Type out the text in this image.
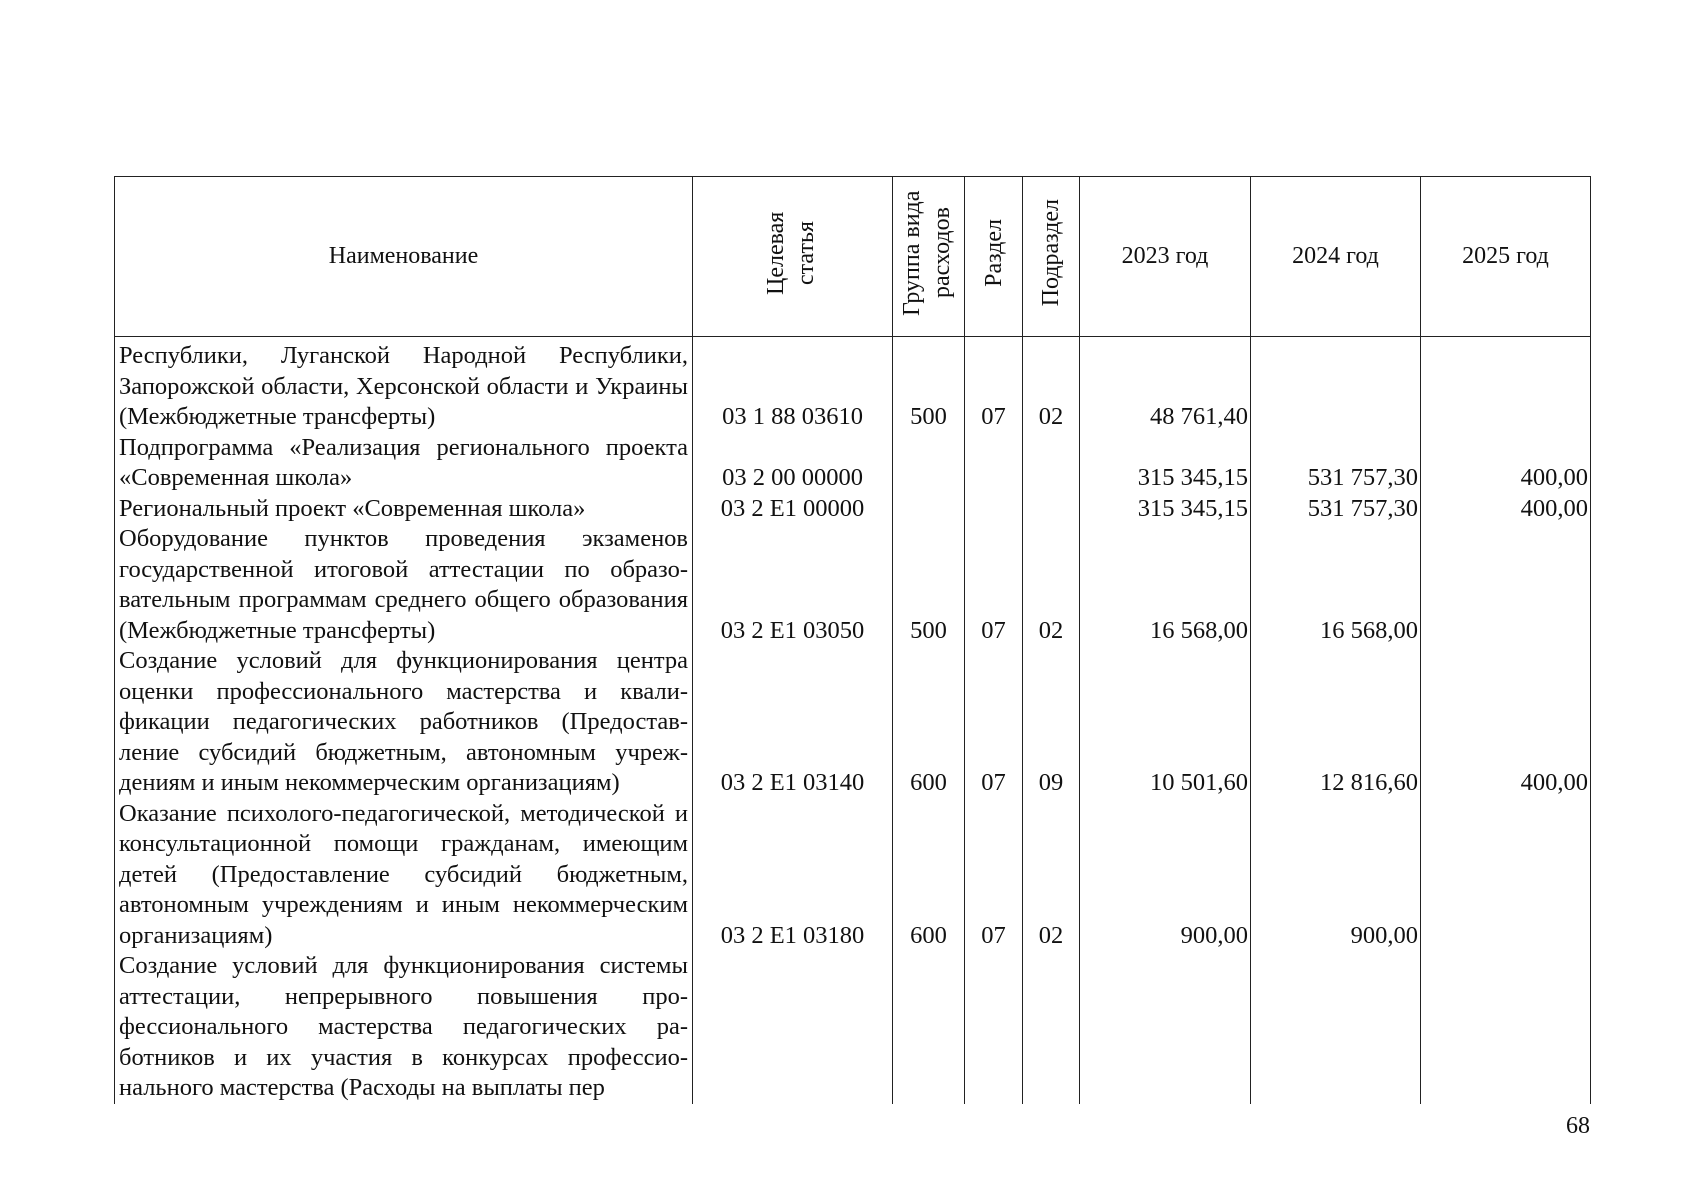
Наименование	Целевая статья	Группа вида расходов	Раздел	Подраздел	2023 год	2024 год	2025 год
Республики, Луганской Народной Республики, Запорожской области, Херсонской области и Украины (Межбюджетные трансферты)	03 1 88 03610	500	07	02	48 761,40		
Подпрограмма «Реализация регионального проекта «Современная школа»	03 2 00 00000				315 345,15	531 757,30	400,00
Региональный проект «Современная школа»	03 2 E1 00000				315 345,15	531 757,30	400,00
Оборудование пунктов проведения экзаменов государственной итоговой аттестации по образовательным программам среднего общего образования (Межбюджетные трансферты)	03 2 E1 03050	500	07	02	16 568,00	16 568,00	
Создание условий для функционирования центра оценки профессионального мастерства и квалификации педагогических работников (Предоставление субсидий бюджетным, автономным учреждениям и иным некоммерческим организациям)	03 2 E1 03140	600	07	09	10 501,60	12 816,60	400,00
Оказание психолого-педагогической, методической и консультационной помощи гражданам, имеющим детей (Предоставление субсидий бюджетным, автономным учреждениям и иным некоммерческим организациям)	03 2 E1 03180	600	07	02	900,00	900,00	
Создание условий для функционирования системы аттестации, непрерывного повышения профессионального мастерства педагогических работников и их участия в конкурсах профессионального мастерства (Расходы на выплаты пер							
68
